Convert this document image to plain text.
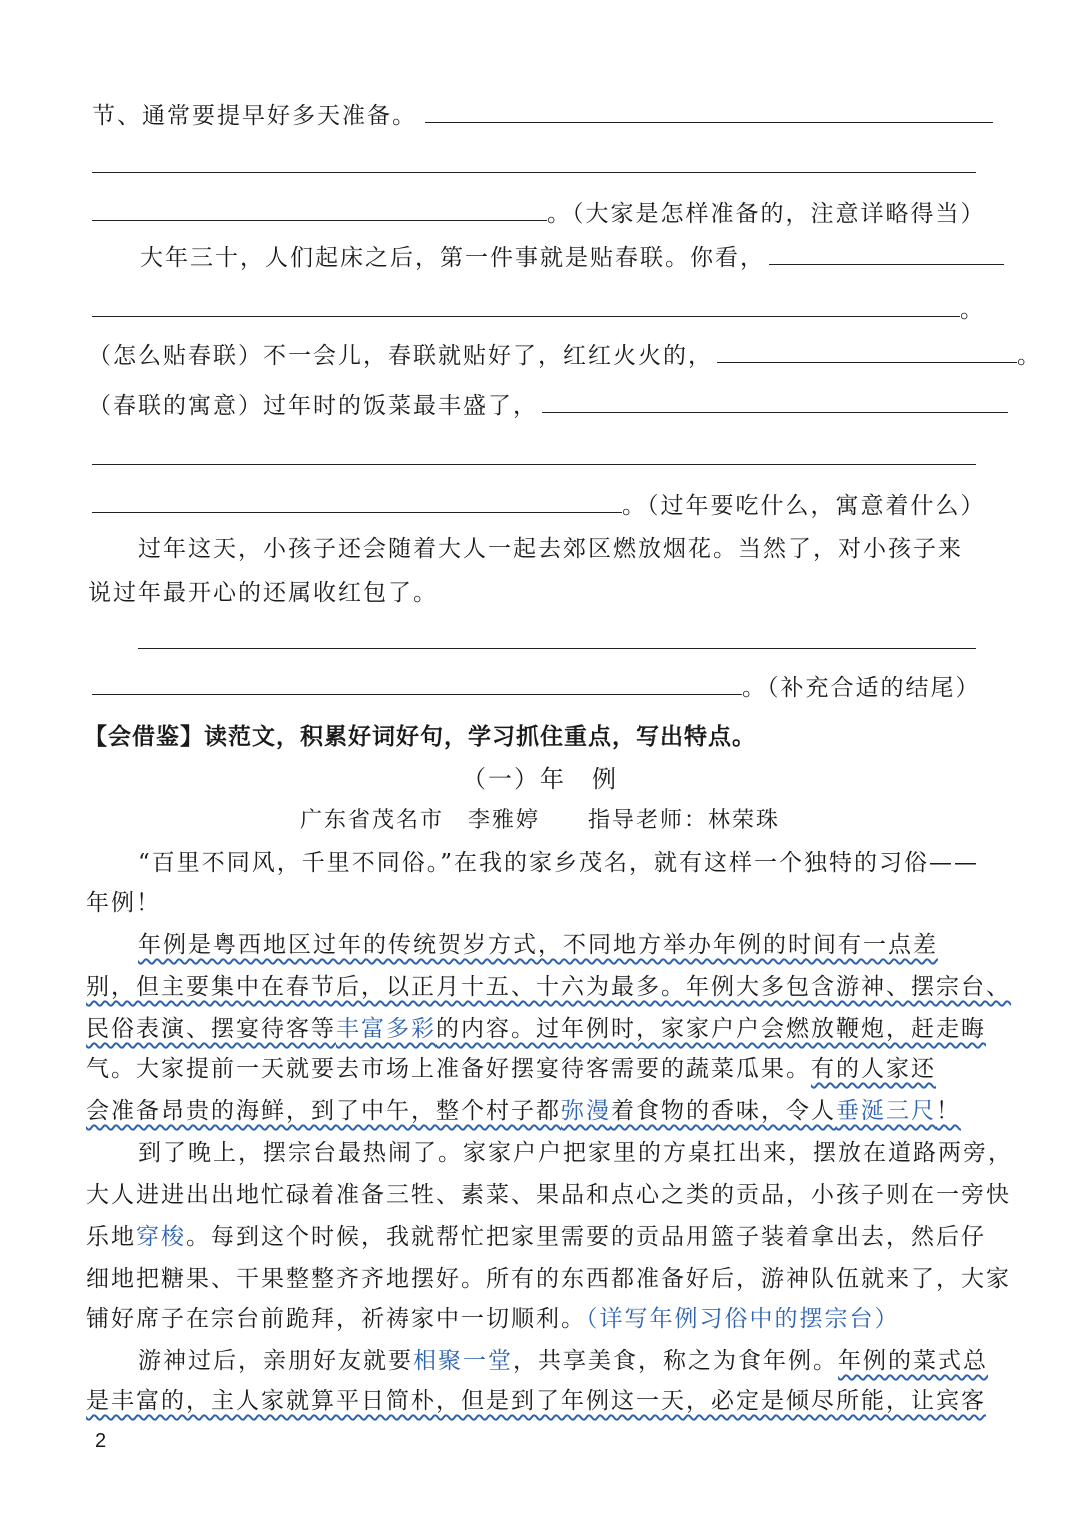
节、通常要提早好多天准备。
。（大家是怎样准备的，注意详略得当）
大年三十，人们起床之后，第一件事就是贴春联。你看，
。
（怎么贴春联）不一会儿，春联就贴好了，红红火火的，	。
（春联的寓意）过年时的饭菜最丰盛了，
。（过年要吃什么，寓意着什么）
过年这天，小孩子还会随着大人一起去郊区燃放烟花。当然了，对小孩子来
说过年最开心的还属收红包了。
。（补充合适的结尾）
【会借鉴】读范文，积累好词好句，学习抓住重点，写出特点。
（一）年　例
广东省茂名市　李雅婷　　指导老师：林荣珠
“百里不同风，千里不同俗。”在我的家乡茂名，就有这样一个独特的习俗——
年例！
年例是粤西地区过年的传统贺岁方式，不同地方举办年例的时间有一点差
别，但主要集中在春节后，以正月十五、十六为最多。年例大多包含游神、摆宗台、
民俗表演、摆宴待客等丰富多彩的内容。过年例时，家家户户会燃放鞭炮，赶走晦
气。大家提前一天就要去市场上准备好摆宴待客需要的蔬菜瓜果。有的人家还
会准备昂贵的海鲜，到了中午，整个村子都弥漫着食物的香味，令人垂涎三尺！
到了晚上，摆宗台最热闹了。家家户户把家里的方桌扛出来，摆放在道路两旁，
大人进进出出地忙碌着准备三牲、素菜、果品和点心之类的贡品，小孩子则在一旁快
乐地穿梭。每到这个时候，我就帮忙把家里需要的贡品用篮子装着拿出去，然后仔
细地把糖果、干果整整齐齐地摆好。所有的东西都准备好后，游神队伍就来了，大家
铺好席子在宗台前跪拜，祈祷家中一切顺利。（详写年例习俗中的摆宗台）
游神过后，亲朋好友就要相聚一堂，共享美食，称之为食年例。年例的菜式总
是丰富的，主人家就算平日简朴，但是到了年例这一天，必定是倾尽所能，让宾客
2
